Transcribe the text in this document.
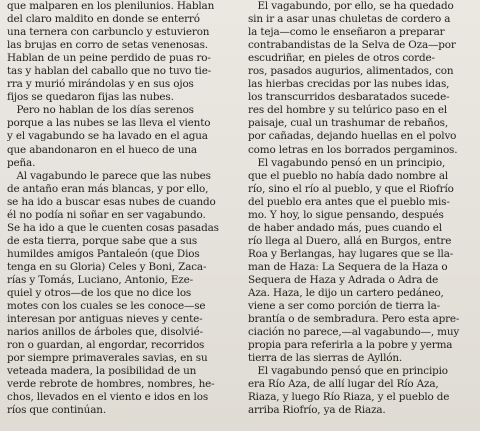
que malparen en los plenilunios. Hablan
del claro maldito en donde se enterró
una ternera con carbunclo y estuvieron
las brujas en corro de setas venenosas.
Hablan de un peine perdido de puas ro-
tas y hablan del caballo que no tuvo tie-
rra y murió mirándolas y en sus ojos
fijos se quedaron fijas las nubes.
Pero no hablan de los días serenos
porque a las nubes se las lleva el viento
y el vagabundo se ha lavado en el agua
que abandonaron en el hueco de una
peña.
Al vagabundo le parece que las nubes
de antaño eran más blancas, y por ello,
se ha ido a buscar esas nubes de cuando
él no podía ni soñar en ser vagabundo.
Se ha ido a que le cuenten cosas pasadas
de esta tierra, porque sabe que a sus
humildes amigos Pantaleón (que Dios
tenga en su Gloria) Celes y Boni, Zaca-
rías y Tomás, Luciano, Antonio, Eze-
quiel y otros—de los que no dice los
motes con los cuales se les conoce—se
interesan por antiguas nieves y cente-
narios anillos de árboles que, disolvié-
ron o guardan, al engordar, recorridos
por siempre primaverales savias, en su
veteada madera, la posibilidad de un
verde rebrote de hombres, nombres, he-
chos, llevados en el viento e idos en los
ríos que continúan.
El vagabundo, por ello, se ha quedado
sin ir a asar unas chuletas de cordero a
la teja—como le enseñaron a preparar
contrabandistas de la Selva de Oza—por
escudriñar, en pieles de otros corde-
ros, pasados augurios, alimentados, con
las hierbas crecidas por las nubes idas,
los transcurridos desbaratados sucede-
res del hombre y su telúrico paso en el
paisaje, cual un trashumar de rebaños,
por cañadas, dejando huellas en el polvo
como letras en los borrados pergaminos.
El vagabundo pensó en un principio,
que el pueblo no había dado nombre al
río, sino el río al pueblo, y que el Riofrío
del pueblo era antes que el pueblo mis-
mo. Y hoy, lo sigue pensando, después
de haber andado más, pues cuando el
río llega al Duero, allá en Burgos, entre
Roa y Berlangas, hay lugares que se lla-
man de Haza: La Sequera de la Haza o
Sequera de Haza y Adrada o Adra de
Aza. Haza, le dijo un cartero pedáneo,
viene a ser como porción de tierra la-
brantía o de sembradura. Pero esta apre-
ciación no parece,—al vagabundo—, muy
propia para referirla a la pobre y yerma
tierra de las sierras de Ayllón.
El vagabundo pensó que en principio
era Río Aza, de allí lugar del Río Aza,
Riaza, y luego Río Riaza, y el pueblo de
arriba Riofrío, ya de Riaza.
